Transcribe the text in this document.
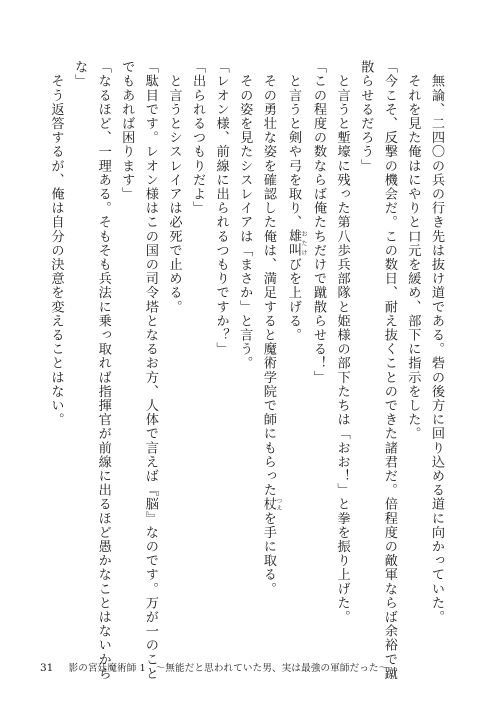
　無論、二四〇の兵の行き先は抜け道である。砦の後方に回り込める道に向かっていた。
　それを見た俺はにやりと口元を緩め、部下に指示をした。
「今こそ、反撃の機会だ。この数日、耐え抜くことのできた諸君だ。倍程度の敵軍ならば余裕で蹴
散らせるだろう」
　と言うと塹壕に残った第八歩兵部隊と姫様の部下たちは「おお！」と拳を振り上げた。
「この程度の数ならば俺たちだけで蹴散らせる！」
　と言うと剣や弓を取り、雄叫 おたけびを上げる。
　その勇壮な姿を確認した俺は、満足すると魔術学院で師にもらった杖 つえを手に取る。
　その姿を見たシスレイアは「まさか」と言う。
「レオン様、前線に出られるつもりですか？」
「出られるつもりだよ」
　と言うとシスレイアは必死で止める。
「駄目です。レオン様はこの国の司令塔となるお方、人体で言えば『脳』なのです。万が一のこと
でもあれば困ります」
「なるほど、一理ある。そもそも兵法に乗っ取れば指揮官が前線に出るほど愚かなことはないから
な」
　そう返答するが、俺は自分の決意を変えることはない。
31 影の宮廷魔術師 1　〜無能だと思われていた男、実は最強の軍師だった〜
